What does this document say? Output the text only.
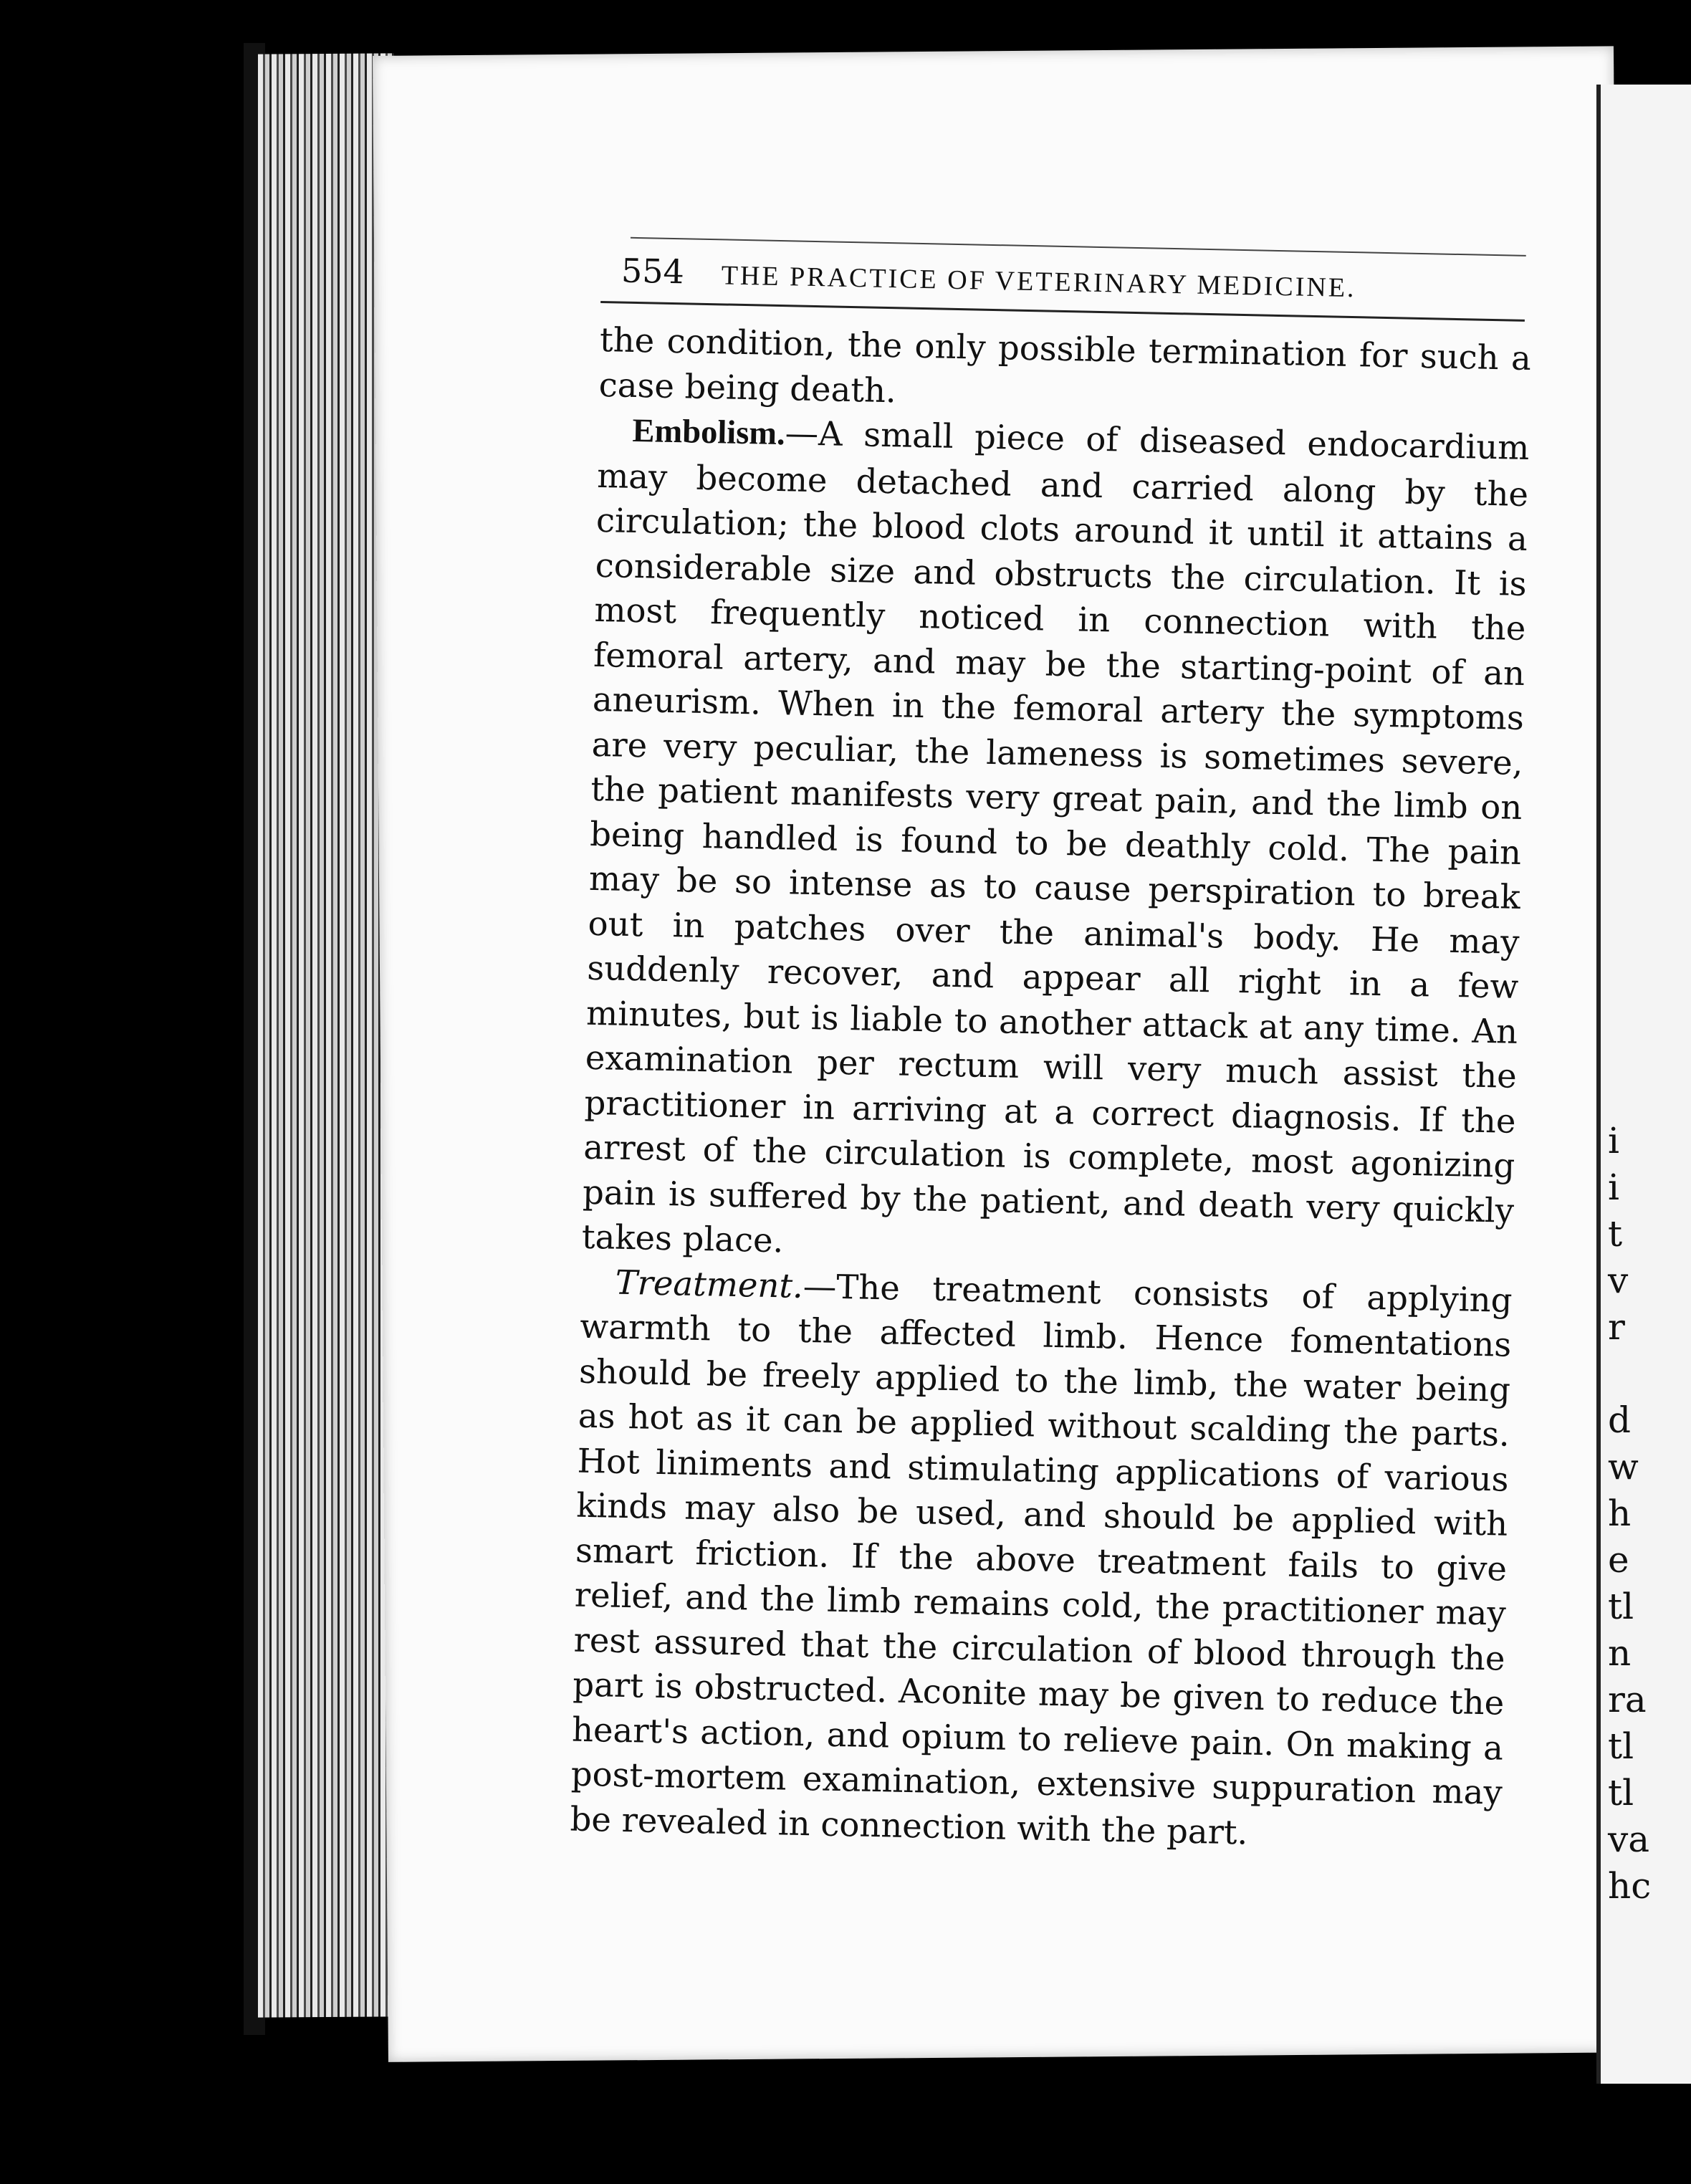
i
i
t
v
r
d
w
h
e
tl
n
ra
tl
tl
va
hc
554 THE PRACTICE OF VETERINARY MEDICINE.

the condition, the only possible termination for such a case being death.

Embolism.—A small piece of diseased endocardium may become detached and carried along by the circulation; the blood clots around it until it attains a considerable size and obstructs the circulation. It is most frequently noticed in connection with the femoral artery, and may be the starting-point of an aneurism. When in the femoral artery the symptoms are very peculiar, the lameness is sometimes severe, the patient manifests very great pain, and the limb on being handled is found to be deathly cold. The pain may be so intense as to cause perspiration to break out in patches over the animal's body. He may suddenly recover, and appear all right in a few minutes, but is liable to another attack at any time. An examination per rectum will very much assist the practitioner in arriving at a correct diagnosis. If the arrest of the circulation is complete, most agonizing pain is suffered by the patient, and death very quickly takes place.

Treatment.—The treatment consists of applying warmth to the affected limb. Hence fomentations should be freely applied to the limb, the water being as hot as it can be applied without scalding the parts. Hot liniments and stimulating applications of various kinds may also be used, and should be applied with smart friction. If the above treatment fails to give relief, and the limb remains cold, the practitioner may rest assured that the circulation of blood through the part is obstructed. Aconite may be given to reduce the heart's action, and opium to relieve pain. On making a post-mortem examination, extensive suppuration may be revealed in connection with the part.
